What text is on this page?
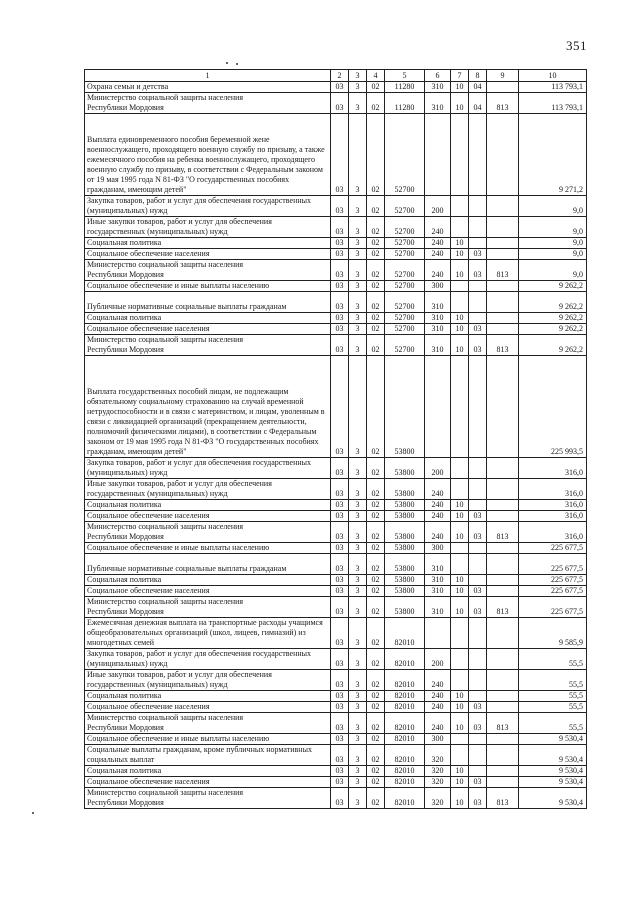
351
1	2	3	4	5	6	7	8	9	10
Охрана семьи и детства	03	3	02	11280	310	10	04		113 793,1
Министерство социальной защиты населения
Республики Мордовия	03	3	02	11280	310	10	04	813	113 793,1
Выплата единовременного пособия беременной жене военнослужащего, проходящего военную службу по призыву, а также ежемесячного пособия на ребенка военнослужащего, проходящего военную службу по призыву, в соответствии с Федеральным законом от 19 мая 1995 года N 81-ФЗ "О государственных пособиях гражданам, имеющим детей"	03	3	02	52700					9 271,2
Закупка товаров, работ и услуг для обеспечения государственных (муниципальных) нужд	03	3	02	52700	200				9,0
Иные закупки товаров, работ и услуг для обеспечения государственных (муниципальных) нужд	03	3	02	52700	240				9,0
Социальная политика	03	3	02	52700	240	10			9,0
Социальное обеспечение населения	03	3	02	52700	240	10	03		9,0
Министерство социальной защиты населения
Республики Мордовия	03	3	02	52700	240	10	03	813	9,0
Социальное обеспечение и иные выплаты населению	03	3	02	52700	300				9 262,2
Публичные нормативные социальные выплаты гражданам	03	3	02	52700	310				9 262,2
Социальная политика	03	3	02	52700	310	10			9 262,2
Социальное обеспечение населения	03	3	02	52700	310	10	03		9 262,2
Министерство социальной защиты населения
Республики Мордовия	03	3	02	52700	310	10	03	813	9 262,2
Выплата государственных пособий лицам, не подлежащим обязательному социальному страхованию на случай временной нетрудоспособности и в связи с материнством, и лицам, уволенным в связи с ликвидацией организаций (прекращением деятельности, полномочий физическими лицами), в соответствии с Федеральным законом от 19 мая 1995 года N 81-ФЗ "О государственных пособиях гражданам, имеющим детей"	03	3	02	53800					225 993,5
Закупка товаров, работ и услуг для обеспечения государственных (муниципальных) нужд	03	3	02	53800	200				316,0
Иные закупки товаров, работ и услуг для обеспечения государственных (муниципальных) нужд	03	3	02	53800	240				316,0
Социальная политика	03	3	02	53800	240	10			316,0
Социальное обеспечение населения	03	3	02	53800	240	10	03		316,0
Министерство социальной защиты населения
Республики Мордовия	03	3	02	53800	240	10	03	813	316,0
Социальное обеспечение и иные выплаты населению	03	3	02	53800	300				225 677,5
Публичные нормативные социальные выплаты гражданам	03	3	02	53800	310				225 677,5
Социальная политика	03	3	02	53800	310	10			225 677,5
Социальное обеспечение населения	03	3	02	53800	310	10	03		225 677,5
Министерство социальной защиты населения
Республики Мордовия	03	3	02	53800	310	10	03	813	225 677,5
Ежемесячная денежная выплата на транспортные расходы учащимся общеобразовательных организаций (школ, лицеев, гимназий) из многодетных семей	03	3	02	82010					9 585,9
Закупка товаров, работ и услуг для обеспечения государственных (муниципальных) нужд	03	3	02	82010	200				55,5
Иные закупки товаров, работ и услуг для обеспечения государственных (муниципальных) нужд	03	3	02	82010	240				55,5
Социальная политика	03	3	02	82010	240	10			55,5
Социальное обеспечение населения	03	3	02	82010	240	10	03		55,5
Министерство социальной защиты населения
Республики Мордовия	03	3	02	82010	240	10	03	813	55,5
Социальное обеспечение и иные выплаты населению	03	3	02	82010	300				9 530,4
Социальные выплаты гражданам, кроме публичных нормативных социальных выплат	03	3	02	82010	320				9 530,4
Социальная политика	03	3	02	82010	320	10			9 530,4
Социальное обеспечение населения	03	3	02	82010	320	10	03		9 530,4
Министерство социальной защиты населения
Республики Мордовия	03	3	02	82010	320	10	03	813	9 530,4
